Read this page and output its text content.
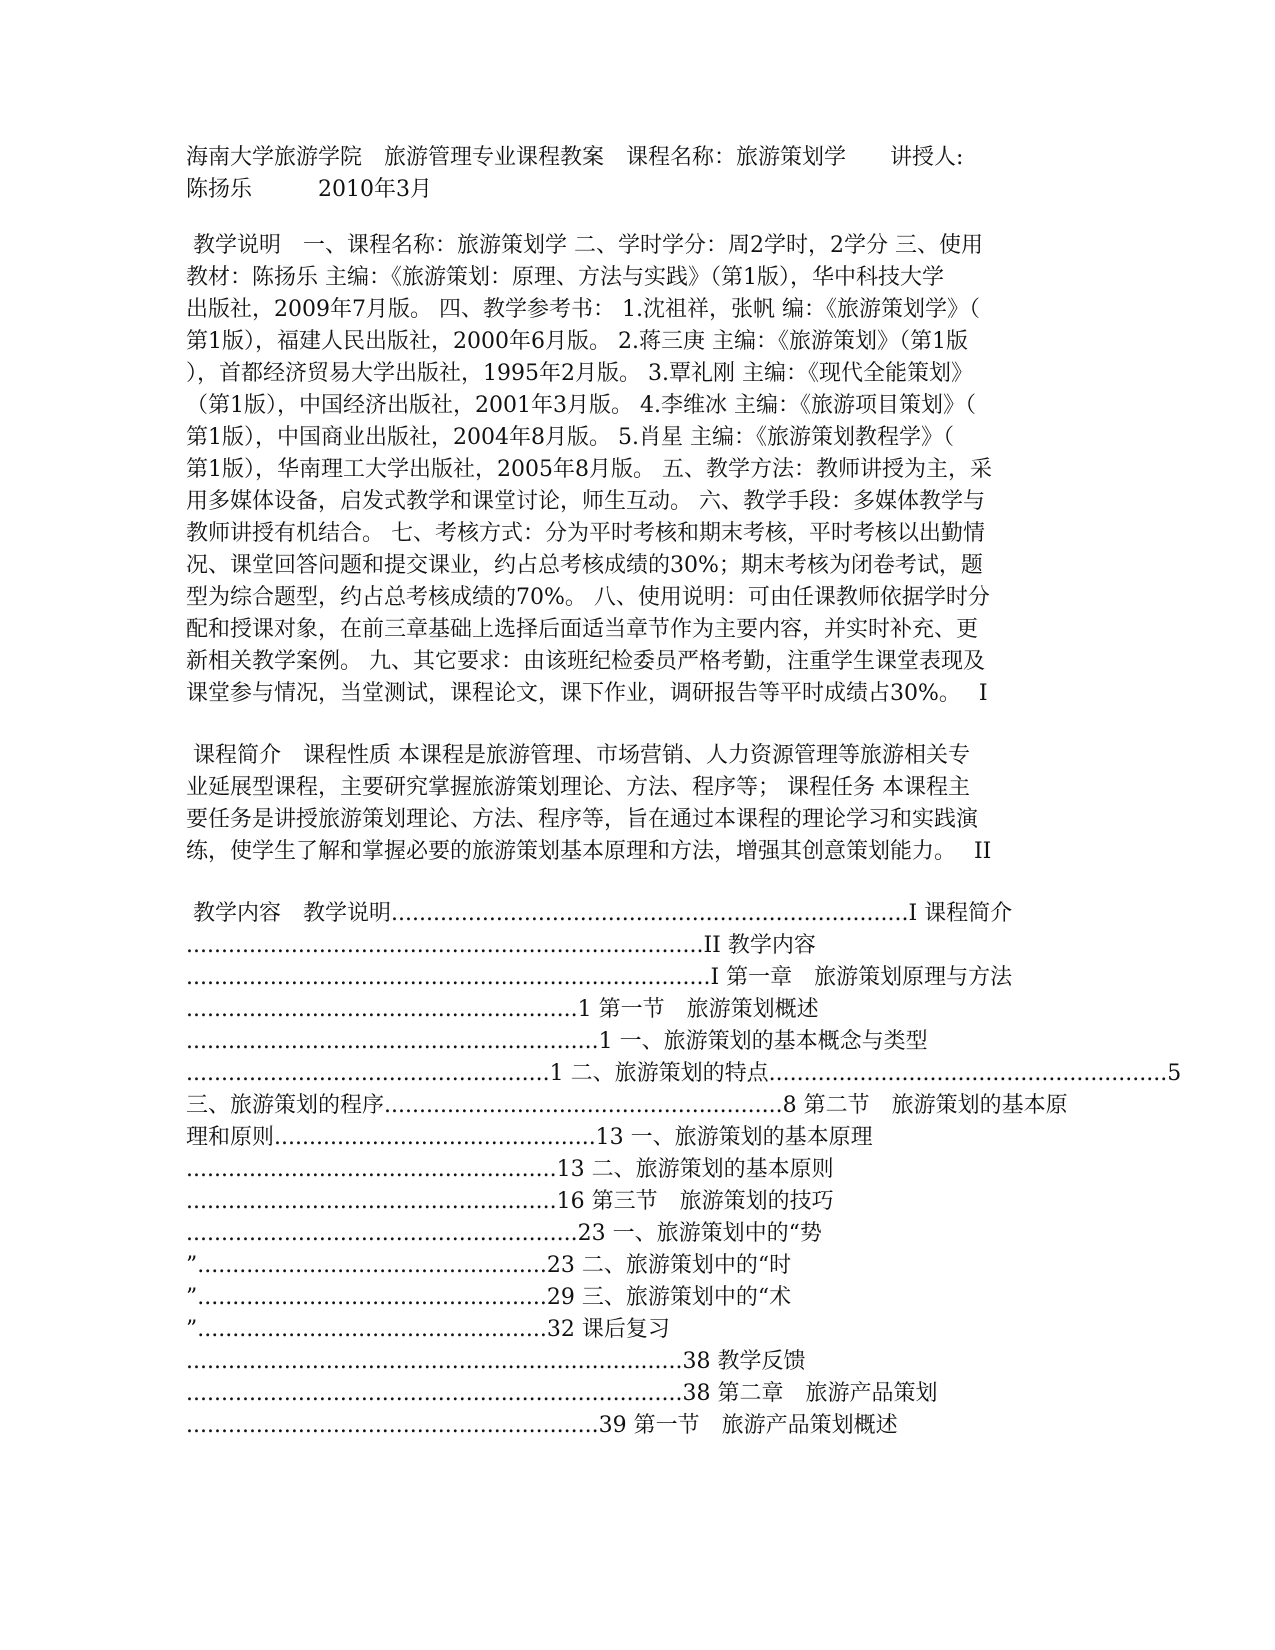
海南大学旅游学院　旅游管理专业课程教案　课程名称：旅游策划学　　讲授人:
陈扬乐　　　2010年3月
教学说明　一、课程名称：旅游策划学 二、学时学分：周2学时，2学分 三、使用
教材：陈扬乐 主编：《旅游策划：原理、方法与实践》（第1版），华中科技大学
出版社，2009年7月版。 四、教学参考书： 1.沈祖祥，张帆 编：《旅游策划学》（
第1版），福建人民出版社，2000年6月版。 2.蒋三庚 主编：《旅游策划》（第1版
），首都经济贸易大学出版社，1995年2月版。 3.覃礼刚 主编：《现代全能策划》
（第1版），中国经济出版社，2001年3月版。 4.李维冰 主编：《旅游项目策划》（
第1版），中国商业出版社，2004年8月版。 5.肖星 主编：《旅游策划教程学》（
第1版），华南理工大学出版社，2005年8月版。 五、教学方法：教师讲授为主，采
用多媒体设备，启发式教学和课堂讨论，师生互动。 六、教学手段：多媒体教学与
教师讲授有机结合。 七、考核方式：分为平时考核和期末考核，平时考核以出勤情
况、课堂回答问题和提交课业，约占总考核成绩的30%；期末考核为闭卷考试，题
型为综合题型，约占总考核成绩的70%。 八、使用说明：可由任课教师依据学时分
配和授课对象，在前三章基础上选择后面适当章节作为主要内容，并实时补充、更
新相关教学案例。 九、其它要求：由该班纪检委员严格考勤，注重学生课堂表现及
课堂参与情况，当堂测试，课程论文，课下作业，调研报告等平时成绩占30%。　 I
课程简介　课程性质 本课程是旅游管理、市场营销、人力资源管理等旅游相关专
业延展型课程，主要研究掌握旅游策划理论、方法、程序等； 课程任务 本课程主
要任务是讲授旅游策划理论、方法、程序等，旨在通过本课程的理论学习和实践演
练，使学生了解和掌握必要的旅游策划基本原理和方法，增强其创意策划能力。　 II
教学内容　教学说明..........................................................................I 课程简介
..........................................................................II 教学内容
...........................................................................I 第一章　旅游策划原理与方法
........................................................1 第一节　旅游策划概述
...........................................................1 一、旅游策划的基本概念与类型
....................................................1 二、旅游策划的特点.........................................................5
三、旅游策划的程序.........................................................8 第二节　旅游策划的基本原
理和原则..............................................13 一、旅游策划的基本原理
.....................................................13 二、旅游策划的基本原则
.....................................................16 第三节　旅游策划的技巧
........................................................23 一、旅游策划中的“势
”..................................................23 二、旅游策划中的“时
”..................................................29 三、旅游策划中的“术
”..................................................32 课后复习
.......................................................................38 教学反馈
.......................................................................38 第二章　旅游产品策划
...........................................................39 第一节　旅游产品策划概述
